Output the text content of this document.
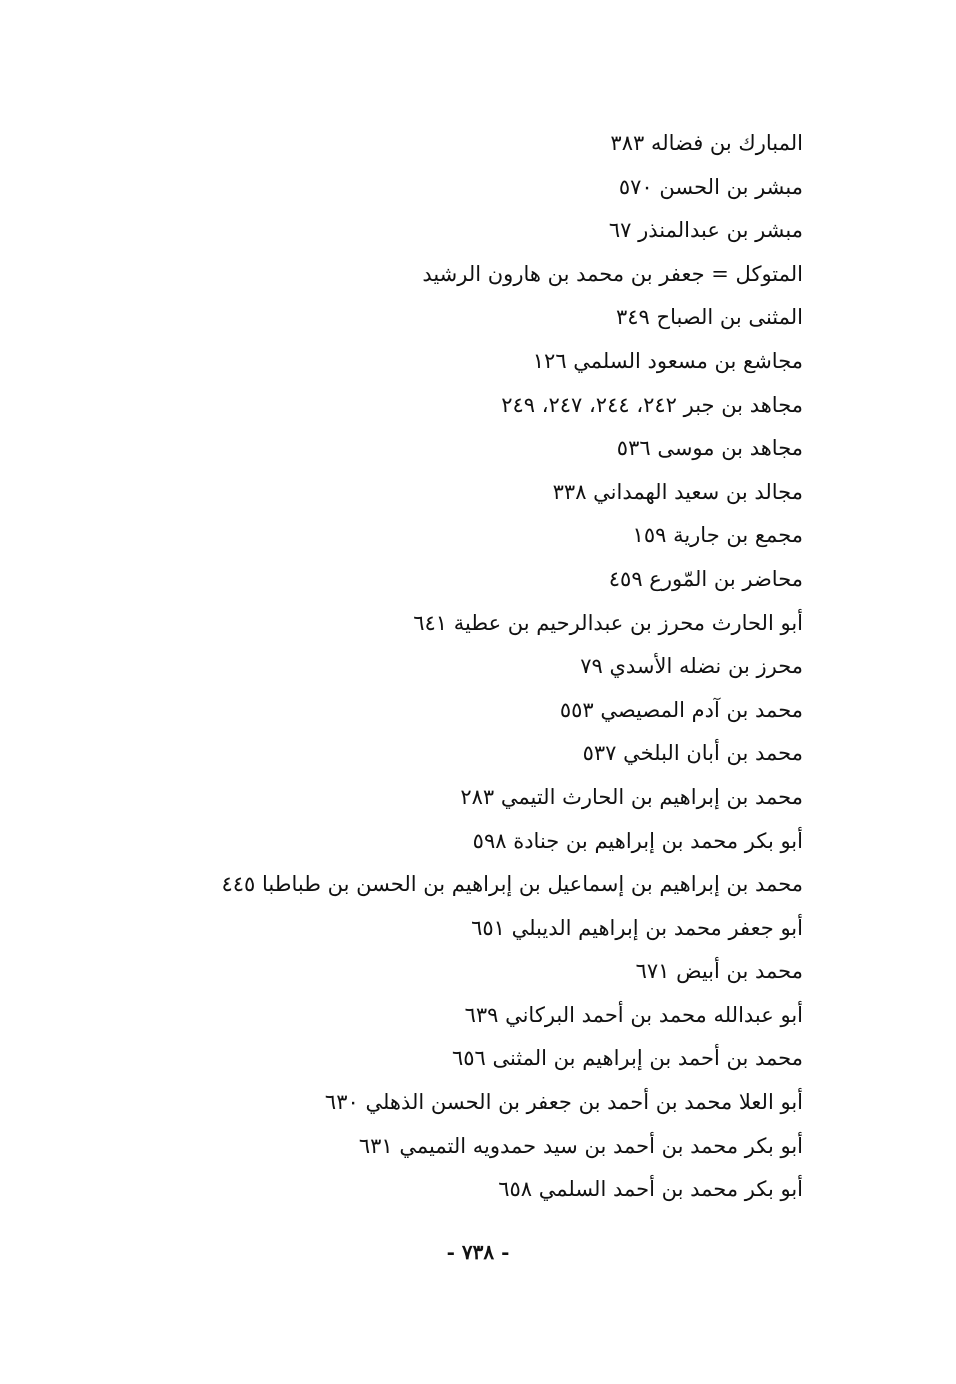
المبارك بن فضاله ٣٨٣
مبشر بن الحسن ٥٧٠
مبشر بن عبدالمنذر ٦٧
المتوكل = جعفر بن محمد بن هارون الرشيد
المثنى بن الصباح ٣٤٩
مجاشع بن مسعود السلمي ١٢٦
مجاهد بن جبر ٢٤٢، ٢٤٤، ٢٤٧، ٢٤٩
مجاهد بن موسى ٥٣٦
مجالد بن سعيد الهمداني ٣٣٨
مجمع بن جارية ١٥٩
محاضر بن المّورع ٤٥٩
أبو الحارث محرز بن عبدالرحيم بن عطية ٦٤١
محرز بن نضله الأسدي ٧٩
محمد بن آدم المصيصي ٥٥٣
محمد بن أبان البلخي ٥٣٧
محمد بن إبراهيم بن الحارث التيمي ٢٨٣
أبو بكر محمد بن إبراهيم بن جنادة ٥٩٨
محمد بن إبراهيم بن إسماعيل بن إبراهيم بن الحسن بن طباطبا ٤٤٥
أبو جعفر محمد بن إبراهيم الديبلي ٦٥١
محمد بن أبيض ٦٧١
أبو عبدالله محمد بن أحمد البركاني ٦٣٩
محمد بن أحمد بن إبراهيم بن المثنى ٦٥٦
أبو العلا محمد بن أحمد بن جعفر بن الحسن الذهلي ٦٣٠
أبو بكر محمد بن أحمد بن سيد حمدويه التميمي ٦٣١
أبو بكر محمد بن أحمد السلمي ٦٥٨
- ٧٣٨ -
